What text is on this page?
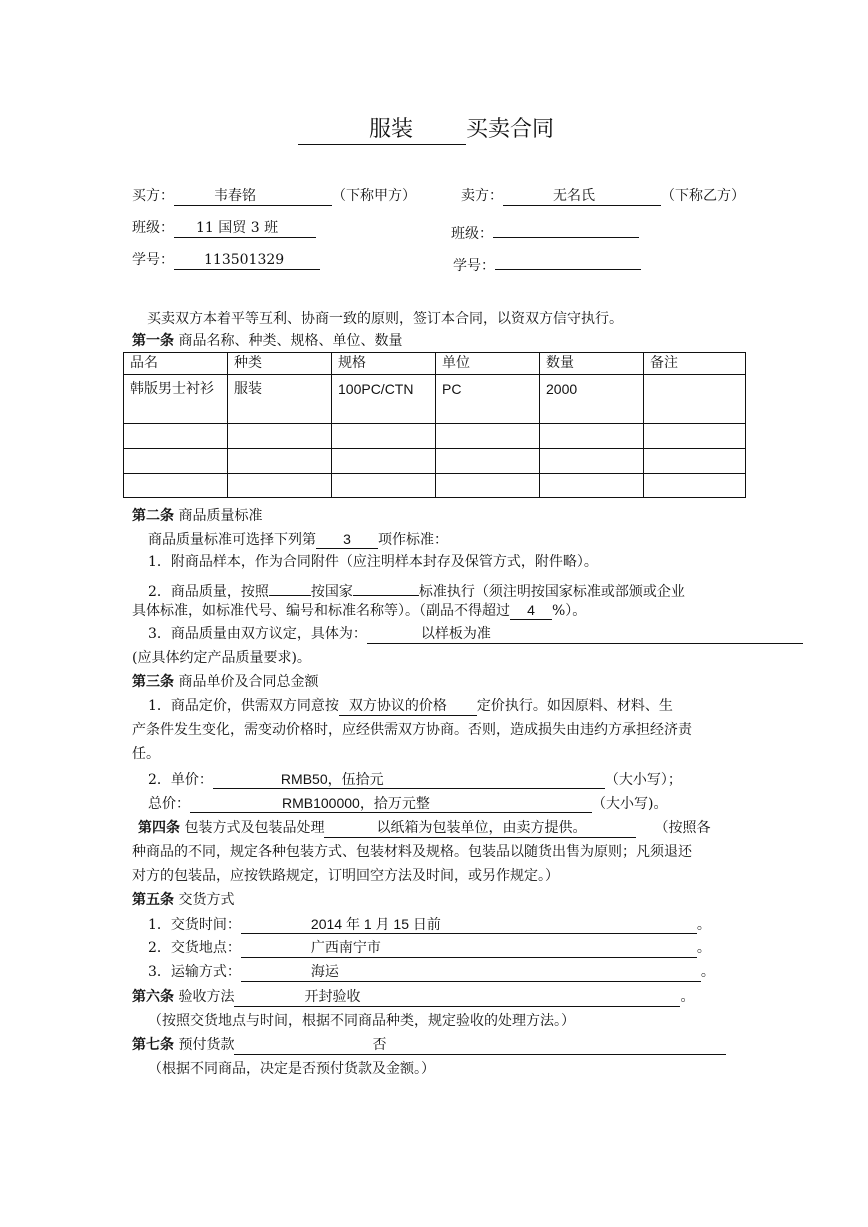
服装 买卖合同
买方：	韦春铭	（下称甲方）	卖方：	无名氏	（下称乙方）
班级： 11 国贸 3 班	班级：
学号： 113501329	学号：
买卖双方本着平等互利、协商一致的原则，签订本合同，以资双方信守执行。
第一条 商品名称、种类、规格、单位、数量
品名	种类	规格	单位	数量	备注
韩版男士衬衫	服装	100PC/CTN	PC	2000	

第二条 商品质量标准
商品质量标准可选择下列第 3 项作标准：
1．附商品样本，作为合同附件（应注明样本封存及保管方式，附件略）。
2．商品质量，按照	按国家	标准执行（须注明按国家标准或部颁或企业
具体标准，如标准代号、编号和标准名称等）。（副品不得超过 4 %）。
3．商品质量由双方议定，具体为：	以样板为准
(应具体约定产品质量要求)。
第三条 商品单价及合同总金额
1．商品定价，供需双方同意按 双方协议的价格 定价执行。如因原料、材料、生
产条件发生变化，需变动价格时，应经供需双方协商。否则，造成损失由违约方承担经济责
任。
2．单价：	RMB50，伍拾元	（大小写）；
总价：	RMB100000，拾万元整	（大小写)。
第四条 包装方式及包装品处理	以纸箱为包装单位，由卖方提供。	（按照各
种商品的不同，规定各种包装方式、包装材料及规格。包装品以随货出售为原则；凡须退还
对方的包装品，应按铁路规定，订明回空方法及时间，或另作规定。）
第五条 交货方式
1．交货时间：	2014 年 1 月 15 日前	。
2．交货地点：	广西南宁市	。
3．运输方式：	海运	。
第六条 验收方法	开封验收	。
（按照交货地点与时间，根据不同商品种类，规定验收的处理方法。）
第七条 预付货款	否
（根据不同商品，决定是否预付货款及金额。）
